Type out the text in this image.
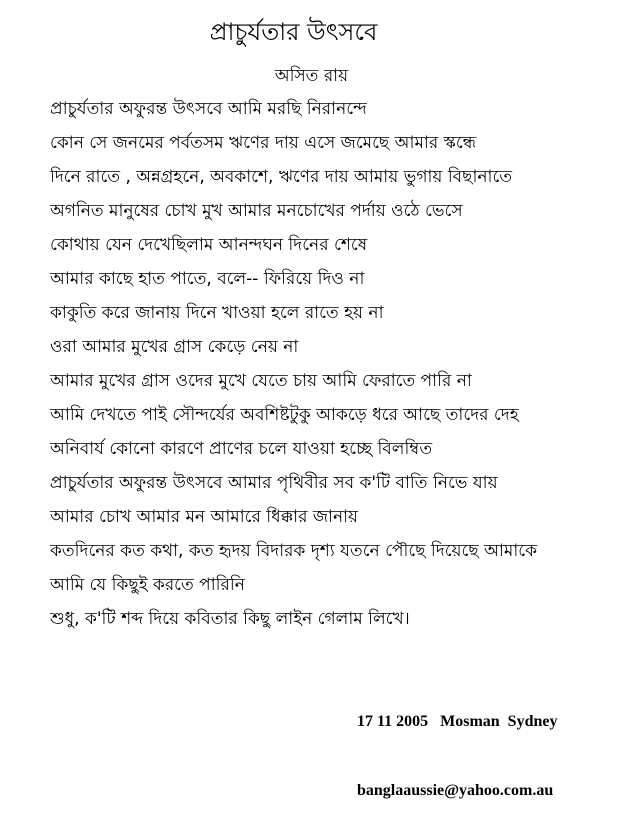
প্রাচুর্যতার উৎসবে
অসিত রায়
প্রাচুর্যতার অফুরন্ত উৎসবে আমি মরছি নিরানন্দে
কোন সে জনমের পর্বতসম ঋণের দায় এসে জমেছে আমার স্কন্ধে
দিনে রাতে , অন্নগ্রহনে, অবকাশে, ঋণের দায় আমায় ভুগায় বিছানাতে
অগনিত মানুষের চোখ মুখ আমার মনচোখের পর্দায় ওঠে ভেসে
কোথায় যেন দেখেছিলাম আনন্দঘন দিনের শেষে
আমার কাছে হাত পাতে, বলে-- ফিরিয়ে দিও না
কাকুতি করে জানায় দিনে খাওয়া হলে রাতে হয় না
ওরা আমার মুখের গ্রাস কেড়ে নেয় না
আমার মুখের গ্রাস ওদের মুখে যেতে চায় আমি ফেরাতে পারি না
আমি দেখতে পাই সৌন্দর্যের অবশিষ্টটুকু আকড়ে ধরে আছে তাদের দেহ
অনিবার্য কোনো কারণে প্রাণের চলে যাওয়া হচ্ছে বিলম্বিত
প্রাচুর্যতার অফুরন্ত উৎসবে আমার পৃথিবীর সব ক'টি বাতি নিভে যায়
আমার চোখ আমার মন আমারে ধিক্কার জানায়
কতদিনের কত কথা, কত হৃদয় বিদারক দৃশ্য যতনে পৌছে দিয়েছে আমাকে
আমি যে কিছুই করতে পারিনি
শুধু, ক'টি শব্দ দিয়ে কবিতার কিছু লাইন গেলাম লিখে।

17 11 2005   Mosman  Sydney

banglaaussie@yahoo.com.au
